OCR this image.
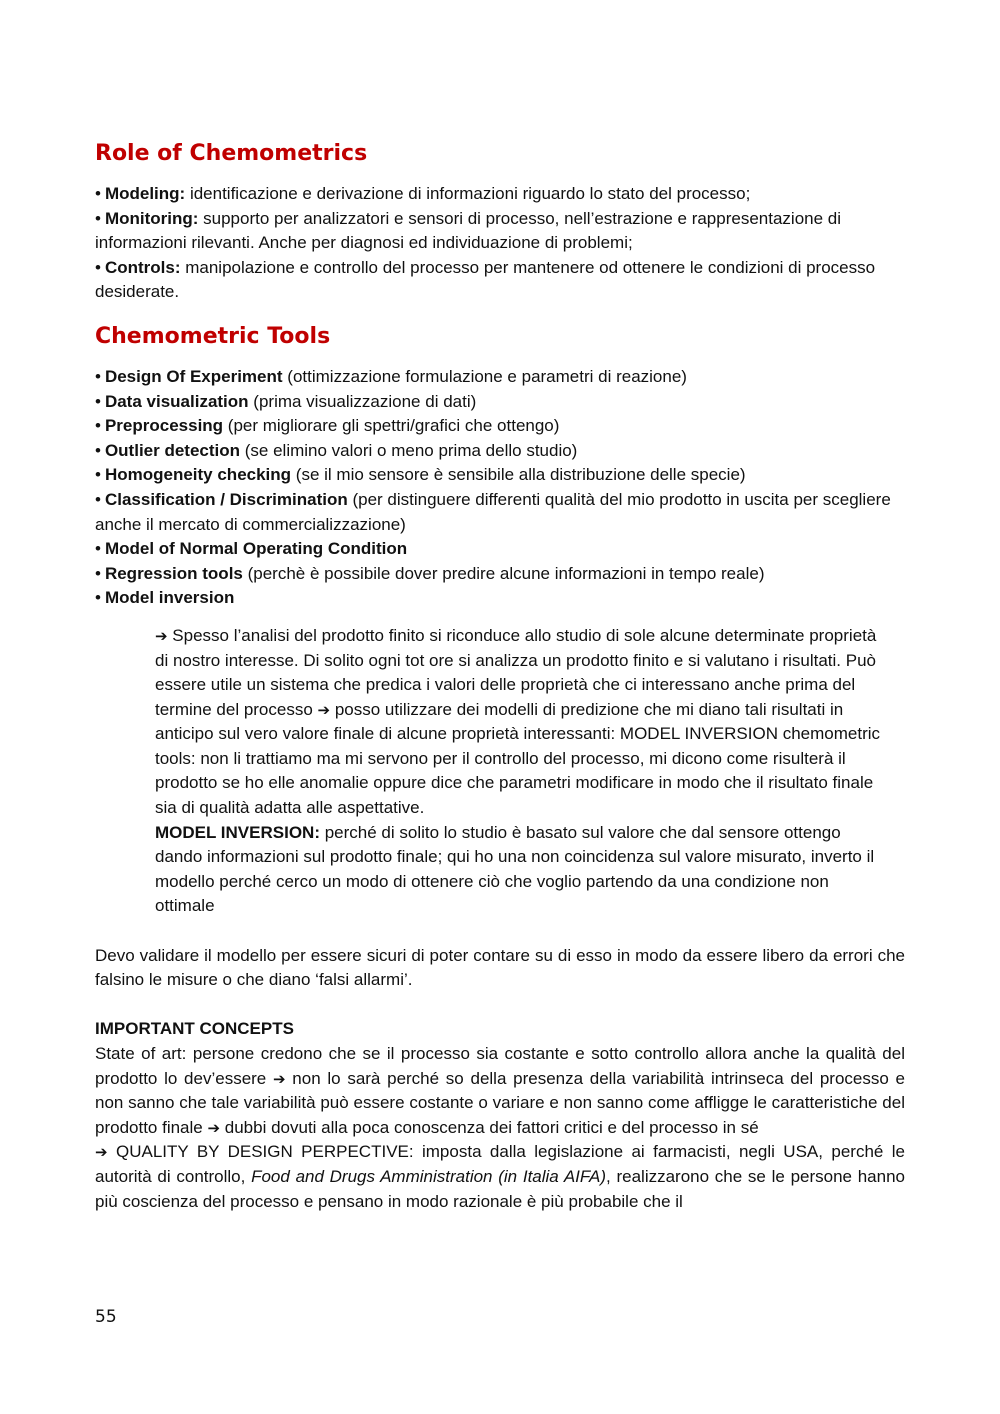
Role of Chemometrics
• Modeling: identificazione e derivazione di informazioni riguardo lo stato del processo;
• Monitoring: supporto per analizzatori e sensori di processo, nell’estrazione e rappresentazione di informazioni rilevanti. Anche per diagnosi ed individuazione di problemi;
• Controls: manipolazione e controllo del processo per mantenere od ottenere le condizioni di processo desiderate.
Chemometric Tools
• Design Of Experiment (ottimizzazione formulazione e parametri di reazione)
• Data visualization (prima visualizzazione di dati)
• Preprocessing (per migliorare gli spettri/grafici che ottengo)
• Outlier detection (se elimino valori o meno prima dello studio)
• Homogeneity checking (se il mio sensore è sensibile alla distribuzione delle specie)
• Classification / Discrimination (per distinguere differenti qualità del mio prodotto in uscita per scegliere anche il mercato di commercializzazione)
• Model of Normal Operating Condition
• Regression tools (perchè è possibile dover predire alcune informazioni in tempo reale)
• Model inversion

➔ Spesso l’analisi del prodotto finito si riconduce allo studio di sole alcune determinate proprietà di nostro interesse. Di solito ogni tot ore si analizza un prodotto finito e si valutano i risultati. Può essere utile un sistema che predica i valori delle proprietà che ci interessano anche prima del termine del processo ➔ posso utilizzare dei modelli di predizione che mi diano tali risultati in anticipo sul vero valore finale di alcune proprietà interessanti: MODEL INVERSION chemometric tools: non li trattiamo ma mi servono per il controllo del processo, mi dicono come risulterà il prodotto se ho elle anomalie oppure dice che parametri modificare in modo che il risultato finale sia di qualità adatta alle aspettative.

MODEL INVERSION: perché di solito lo studio è basato sul valore che dal sensore ottengo dando informazioni sul prodotto finale; qui ho una non coincidenza sul valore misurato, inverto il modello perché cerco un modo di ottenere ciò che voglio partendo da una condizione non ottimale

Devo validare il modello per essere sicuri di poter contare su di esso in modo da essere libero da errori che falsino le misure o che diano ‘falsi allarmi’.

IMPORTANT CONCEPTS

State of art: persone credono che se il processo sia costante e sotto controllo allora anche la qualità del prodotto lo dev’essere ➔ non lo sarà perché so della presenza della variabilità intrinseca del processo e non sanno che tale variabilità può essere costante o variare e non sanno come affligge le caratteristiche del prodotto finale ➔ dubbi dovuti alla poca conoscenza dei fattori critici e del processo in sé

➔ QUALITY BY DESIGN PERPECTIVE: imposta dalla legislazione ai farmacisti, negli USA, perché le autorità di controllo, Food and Drugs Amministration (in Italia AIFA), realizzarono che se le persone hanno più coscienza del processo e pensano in modo razionale è più probabile che il

55
